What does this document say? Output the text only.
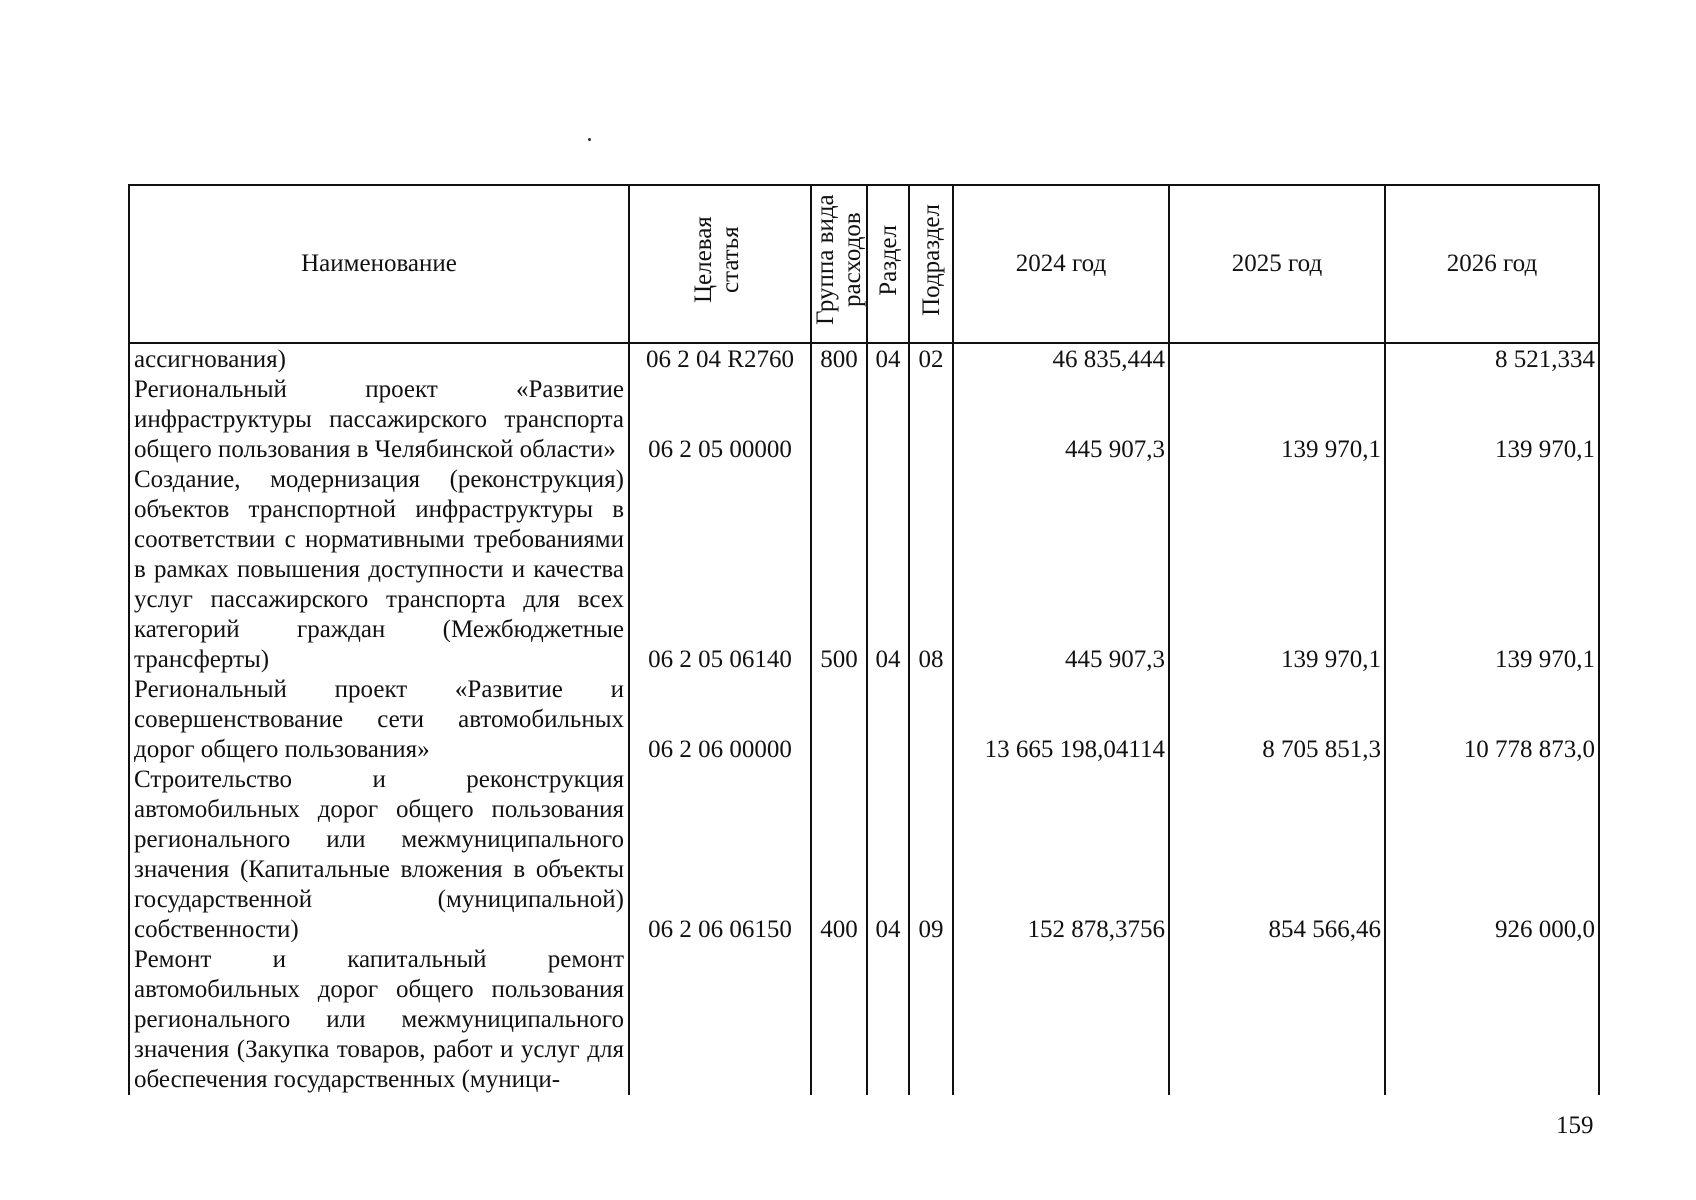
Наименование	Целевая статья	Группа вида расходов	Раздел	Подраздел	2024 год	2025 год	2026 год
ассигнования)	06 2 04 R2760	800	04	02	46 835,444		8 521,334
Региональный проект «Развитие инфраструктуры пассажирского транспорта общего пользования в Челябинской области»	06 2 05 00000				445 907,3	139 970,1	139 970,1
Создание, модернизация (реконструкция) объектов транспортной инфраструктуры в соответствии с нормативными требованиями в рамках повышения доступности и качества услуг пассажирского транспорта для всех категорий граждан (Межбюджетные трансферты)	06 2 05 06140	500	04	08	445 907,3	139 970,1	139 970,1
Региональный проект «Развитие и совершенствование сети автомобильных дорог общего пользования»	06 2 06 00000				13 665 198,04114	8 705 851,3	10 778 873,0
Строительство и реконструкция автомобильных дорог общего пользования регионального или межмуниципального значения (Капитальные вложения в объекты государственной (муниципальной) собственности)	06 2 06 06150	400	04	09	152 878,3756	854 566,46	926 000,0
Ремонт и капитальный ремонт автомобильных дорог общего пользования регионального или межмуниципального значения (Закупка товаров, работ и услуг для обеспечения государственных (муници-							
159
